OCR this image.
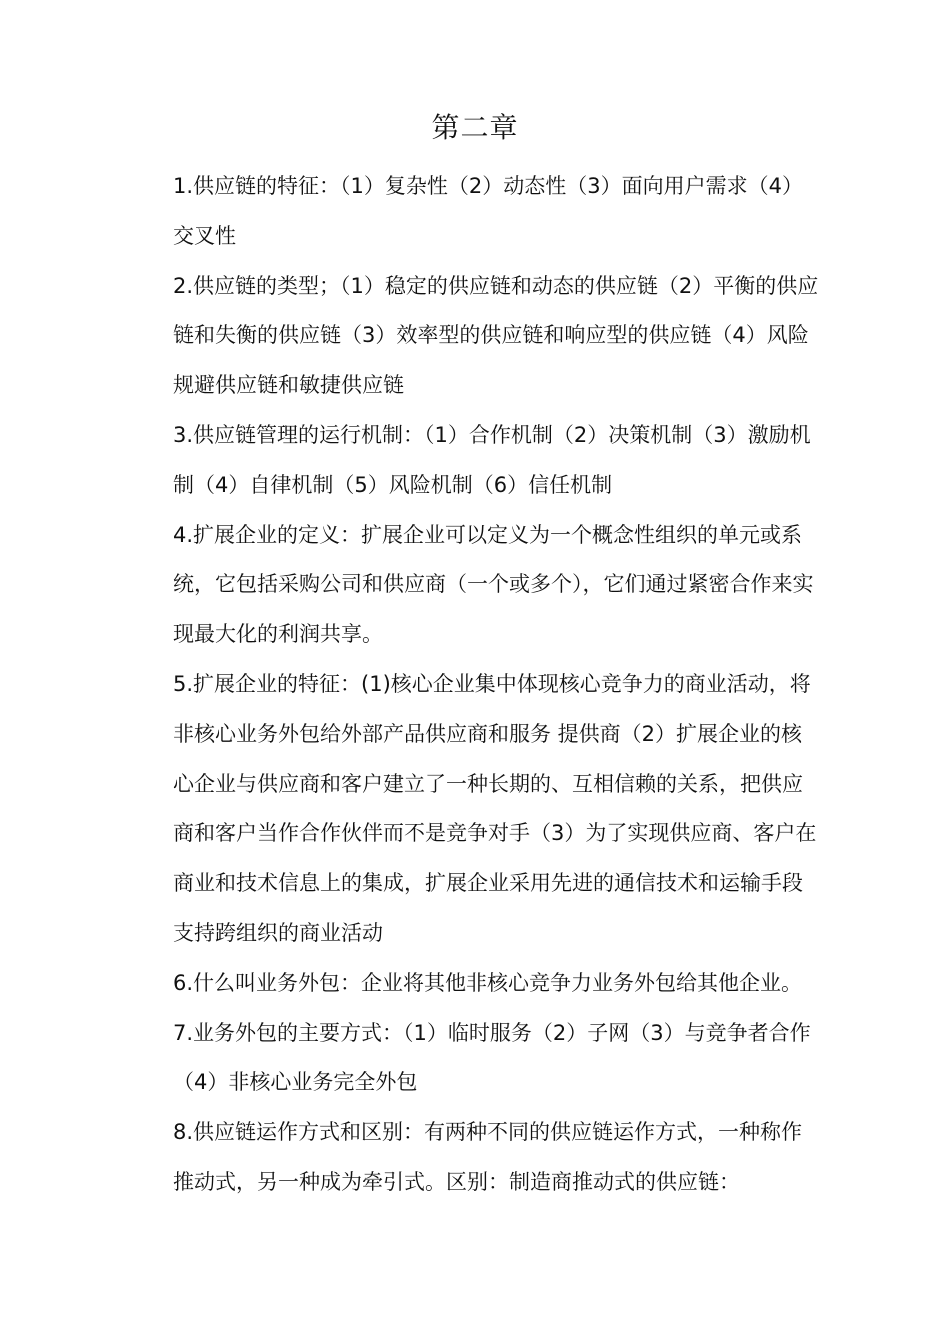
第二章

1.供应链的特征：（1）复杂性（2）动态性（3）面向用户需求（4）交叉性

2.供应链的类型；（1）稳定的供应链和动态的供应链（2）平衡的供应链和失衡的供应链（3）效率型的供应链和响应型的供应链（4）风险规避供应链和敏捷供应链

3.供应链管理的运行机制：（1）合作机制（2）决策机制（3）激励机制（4）自律机制（5）风险机制（6）信任机制

4.扩展企业的定义：扩展企业可以定义为一个概念性组织的单元或系统，它包括采购公司和供应商（一个或多个），它们通过紧密合作来实现最大化的利润共享。

5.扩展企业的特征：(1)核心企业集中体现核心竞争力的商业活动，将非核心业务外包给外部产品供应商和服务 提供商（2）扩展企业的核心企业与供应商和客户建立了一种长期的、互相信赖的关系，把供应商和客户当作合作伙伴而不是竞争对手（3）为了实现供应商、客户在商业和技术信息上的集成，扩展企业采用先进的通信技术和运输手段支持跨组织的商业活动

6.什么叫业务外包：企业将其他非核心竞争力业务外包给其他企业。

7.业务外包的主要方式：（1）临时服务（2）子网（3）与竞争者合作（4）非核心业务完全外包

8.供应链运作方式和区别：有两种不同的供应链运作方式，一种称作推动式，另一种成为牵引式。区别：制造商推动式的供应链：
